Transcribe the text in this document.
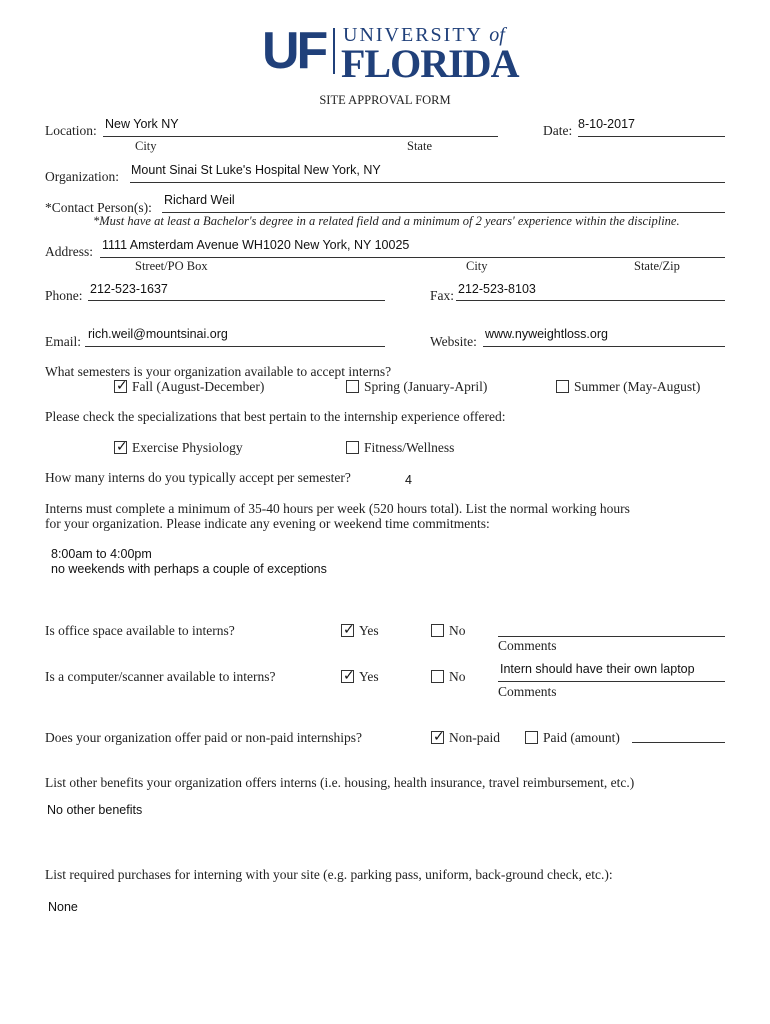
UF UNIVERSITY of
FLORIDA
SITE APPROVAL FORM
Location: New York NY
City	State
Date: 8-10-2017
Organization: Mount Sinai St Luke's Hospital New York, NY
*Contact Person(s): Richard Weil
*Must have at least a Bachelor's degree in a related field and a minimum of 2 years' experience within the discipline.
Address: 1111 Amsterdam Avenue WH1020 New York, NY 10025
Street/PO Box	City	State/Zip
Phone: 212-523-1637	Fax: 212-523-8103
Email: rich.weil@mountsinai.org	Website: www.nyweightloss.org
What semesters is your organization available to accept interns?
✓ Fall (August-December)	Spring (January-April)	Summer (May-August)
Please check the specializations that best pertain to the internship experience offered:
✓ Exercise Physiology	Fitness/Wellness
How many interns do you typically accept per semester?	4
Interns must complete a minimum of 35-40 hours per week (520 hours total). List the normal working hours
for your organization. Please indicate any evening or weekend time commitments:
8:00am to 4:00pm
no weekends with perhaps a couple of exceptions
Is office space available to interns?	✓ Yes	No
Comments
Is a computer/scanner available to interns?	✓ Yes	No	Intern should have their own laptop
Comments
Does your organization offer paid or non-paid internships?	✓ Non-paid	Paid (amount)
List other benefits your organization offers interns (i.e. housing, health insurance, travel reimbursement, etc.)
No other benefits
List required purchases for interning with your site (e.g. parking pass, uniform, back-ground check, etc.):
None
